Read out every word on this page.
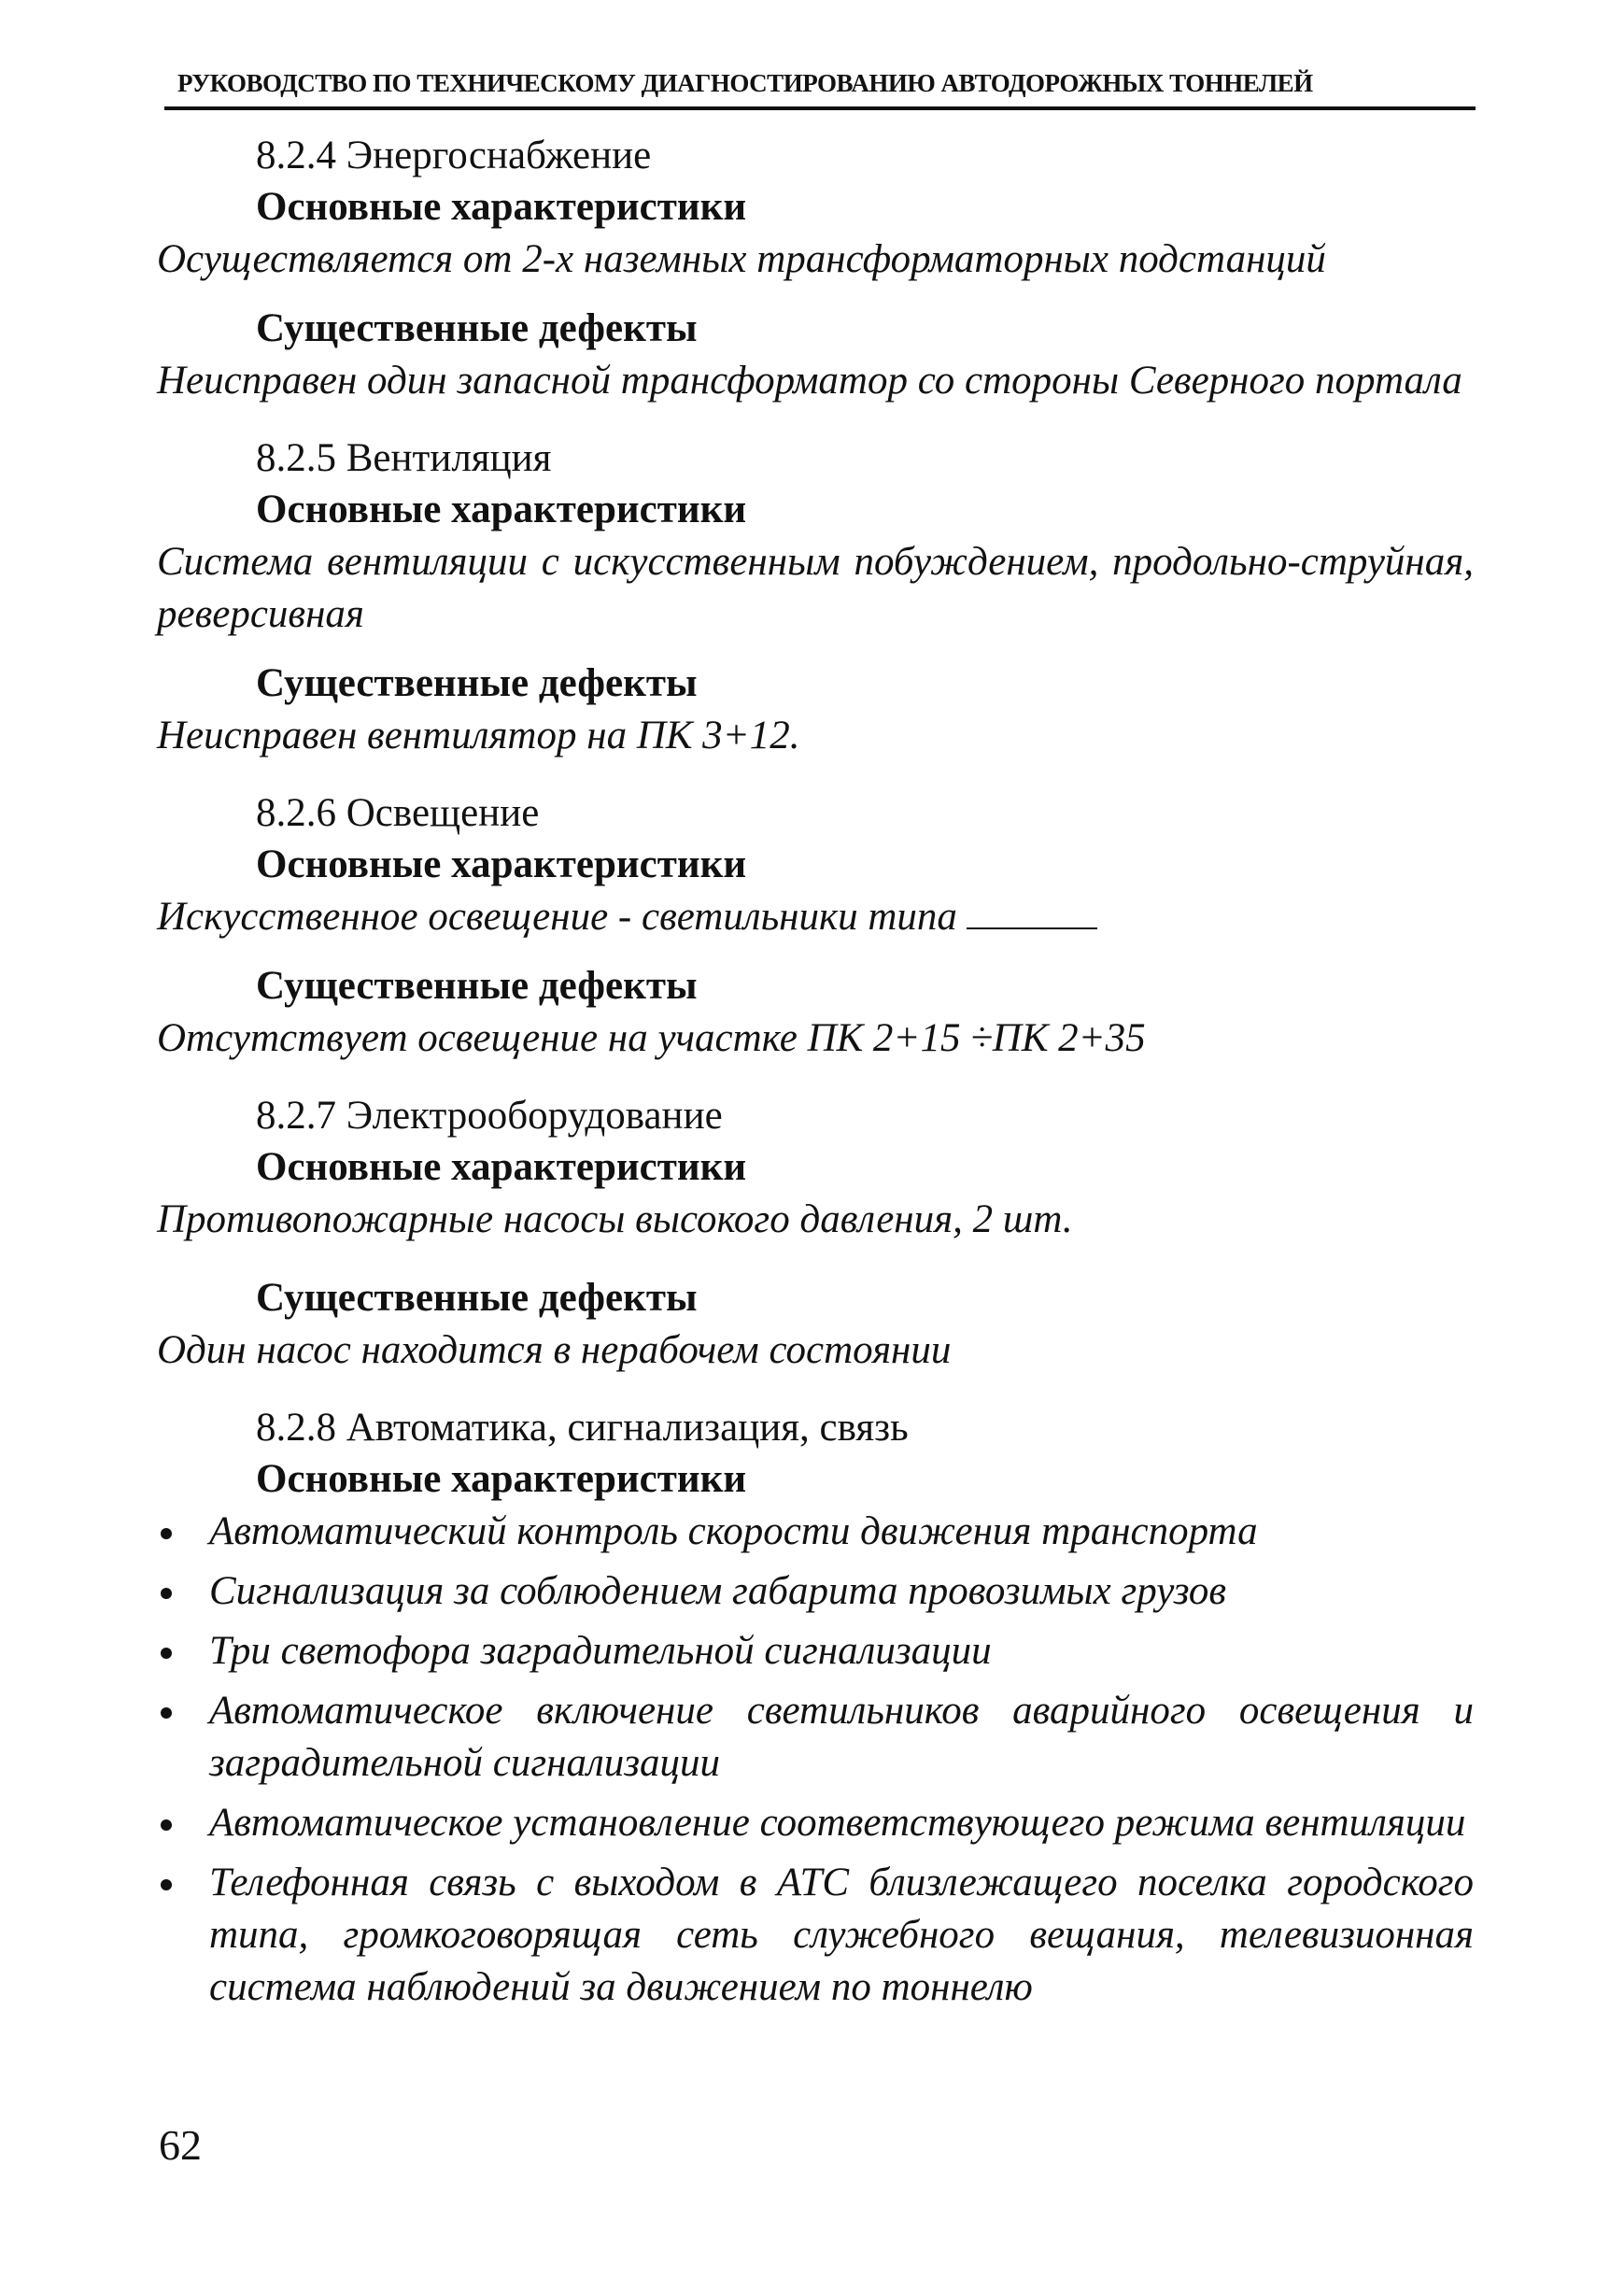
РУКОВОДСТВО ПО ТЕХНИЧЕСКОМУ ДИАГНОСТИРОВАНИЮ АВТОДОРОЖНЫХ ТОННЕЛЕЙ

8.2.4 Энергоснабжение

Основные характеристики

Осуществляется от 2-х наземных трансформаторных подстанций

Существенные дефекты

Неисправен один запасной трансформатор со стороны Северного портала

8.2.5 Вентиляция

Основные характеристики

Система вентиляции с искусственным побуждением, продольно-струйная, реверсивная

Существенные дефекты

Неисправен вентилятор на ПК 3+12.

8.2.6 Освещение

Основные характеристики

Искусственное освещение - светильники типа

Существенные дефекты

Отсутствует освещение на участке ПК 2+15 ÷ПК 2+35

8.2.7 Электрооборудование

Основные характеристики

Противопожарные насосы высокого давления, 2 шт.

Существенные дефекты

Один насос находится в нерабочем состоянии

8.2.8 Автоматика, сигнализация, связь

Основные характеристики

Автоматический контроль скорости движения транспорта
Сигнализация за соблюдением габарита провозимых грузов
Три светофора заградительной сигнализации
Автоматическое включение светильников аварийного освещения и заградительной сигнализации
Автоматическое установление соответствующего режима вентиляции
Телефонная связь с выходом в АТС близлежащего поселка городского типа, громкоговорящая сеть служебного вещания, телевизионная система наблюдений за движением по тоннелю
62
